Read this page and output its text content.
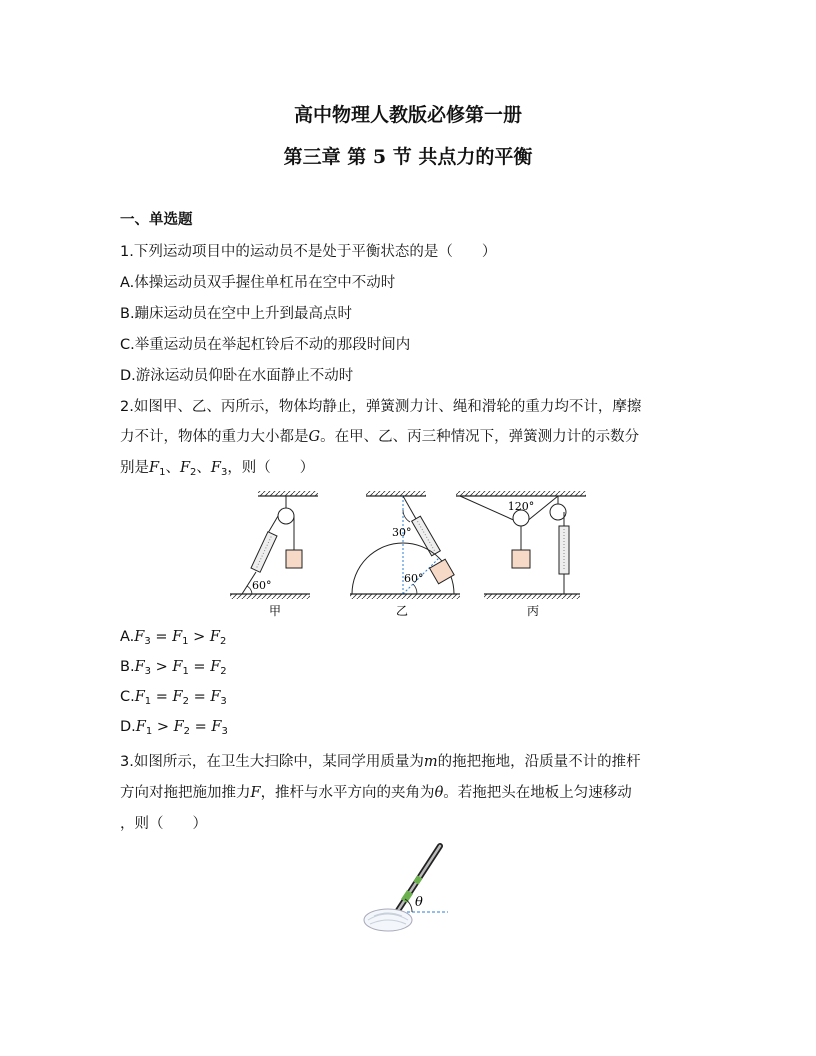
高中物理人教版必修第一册
第三章 第 5 节 共点力的平衡
一、单选题
1.下列运动项目中的运动员不是处于平衡状态的是（　　）
A.体操运动员双手握住单杠吊在空中不动时
B.蹦床运动员在空中上升到最高点时
C.举重运动员在举起杠铃后不动的那段时间内
D.游泳运动员仰卧在水面静止不动时
2.如图甲、乙、丙所示，物体均静止，弹簧测力计、绳和滑轮的重力均不计，摩擦
力不计，物体的重力大小都是G。在甲、乙、丙三种情况下，弹簧测力计的示数分
别是$F_1$、$F_2$、$F_3$，则（　　）
60°
甲
30°
60°
乙
120°
丙
$A.F_3 = F_1 > F_2$
$B.F_3 > F_1 = F_2$
$C.F_1 = F_2 = F_3$
$D.F_1 > F_2 = F_3$
3.如图所示，在卫生大扫除中，某同学用质量为m的拖把拖地，沿质量不计的推杆
方向对拖把施加推力F，推杆与水平方向的夹角为θ。若拖把头在地板上匀速移动
，则（　　）
θ
